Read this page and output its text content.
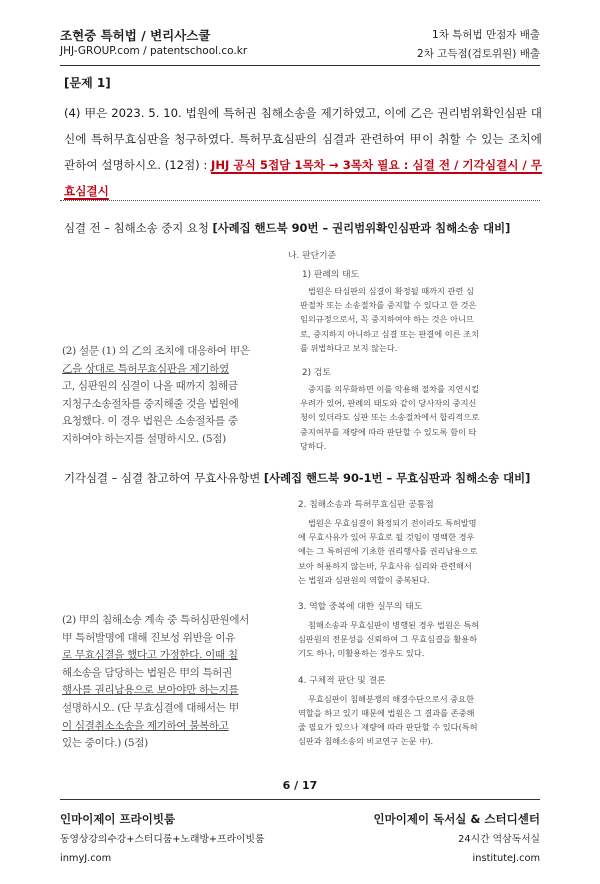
조현중 특허법 / 변리사스쿨
JHJ-GROUP.com / patentschool.co.kr
1차 특허법 만점자 배출
2차 고득점(검토위원) 배출
[문제 1]
(4) 甲은 2023. 5. 10. 법원에 특허권 침해소송을 제기하였고, 이에 乙은 권리범위확인심판 대신에 특허무효심판을 청구하였다. 특허무효심판의 심결과 관련하여 甲이 취할 수 있는 조치에 관하여 설명하시오. (12점) : JHJ 공식 5접담 1목차 → 3목차 필요 : 심결 전 / 기각심결시 / 무효심결시
심결 전 – 침해소송 중지 요청 [사례집 핸드북 90번 – 권리범위확인심판과 침해소송 대비]
나. 판단기준
1) 판례의 태도
법원은 타심판의 심결이 확정될 때까지 관련 심
판절차 또는 소송절차를 중지할 수 있다고 한 것은
임의규정으로서, 꼭 중지하여야 하는 것은 아니므
로, 중지하지 아니하고 심결 또는 판결에 이른 조치
를 위법하다고 보지 않는다.
2) 검토
중지를 의무화하면 이를 악용해 절차를 지연시킬
우려가 있어, 판례의 태도와 같이 당사자의 중지신
청이 있더라도 심판 또는 소송절차에서 합리적으로
중지여부를 재량에 따라 판단할 수 있도록 함이 타
당하다.
(2) 설문 (1) 의 乙의 조치에 대응하여 甲은
乙을 상대로 특허무효심판을 제기하였
고, 심판원의 심결이 나올 때까지 침해금
지청구소송절차를 중지해줄 것을 법원에
요청했다. 이 경우 법원은 소송절차를 중
지하여야 하는지를 설명하시오. (5점)
기각심결 – 심결 참고하여 무효사유항변 [사례집 핸드북 90-1번 – 무효심판과 침해소송 대비]
2. 침해소송과 특허무효심판 공통점
법원은 무효심결이 확정되기 전이라도 특허발명
에 무효사유가 있어 무효로 될 것임이 명백한 경우
에는 그 특허권에 기초한 권리행사를 권리남용으로
보아 허용하지 않는바, 무효사유 심리와 관련해서
는 법원과 심판원의 역할이 중복된다.
3. 역할 중복에 대한 실무의 태도
침해소송과 무효심판이 병행된 경우 법원은 특허
심판원의 전문성을 신뢰하여 그 무효심결을 활용하
기도 하나, 미활용하는 경우도 있다.
4. 구체적 판단 및 결론
무효심판이 침해분쟁의 해결수단으로서 중요한
역할을 하고 있기 때문에 법원은 그 결과를 존중해
줄 필요가 있으나 재량에 따라 판단할 수 있다(특허
심판과 침해소송의 비교연구 논문 中).
(2) 甲의 침해소송 계속 중 특허심판원에서
甲 특허발명에 대해 진보성 위반을 이유
로 무효심결을 했다고 가정한다. 이때 침
해소송을 담당하는 법원은 甲의 특허권
행사를 권리남용으로 보아야만 하는지를
설명하시오. (단 무효심결에 대해서는 甲
이 심결취소소송을 제기하여 불복하고
있는 중이다.) (5점)
6 / 17
인마이제이 프라이빗룸
동영상강의수강+스터디룸+노래방+프라이빗룸
inmyJ.com
인마이제이 독서실 & 스터디센터
24시간 역삼독서실
instituteJ.com
